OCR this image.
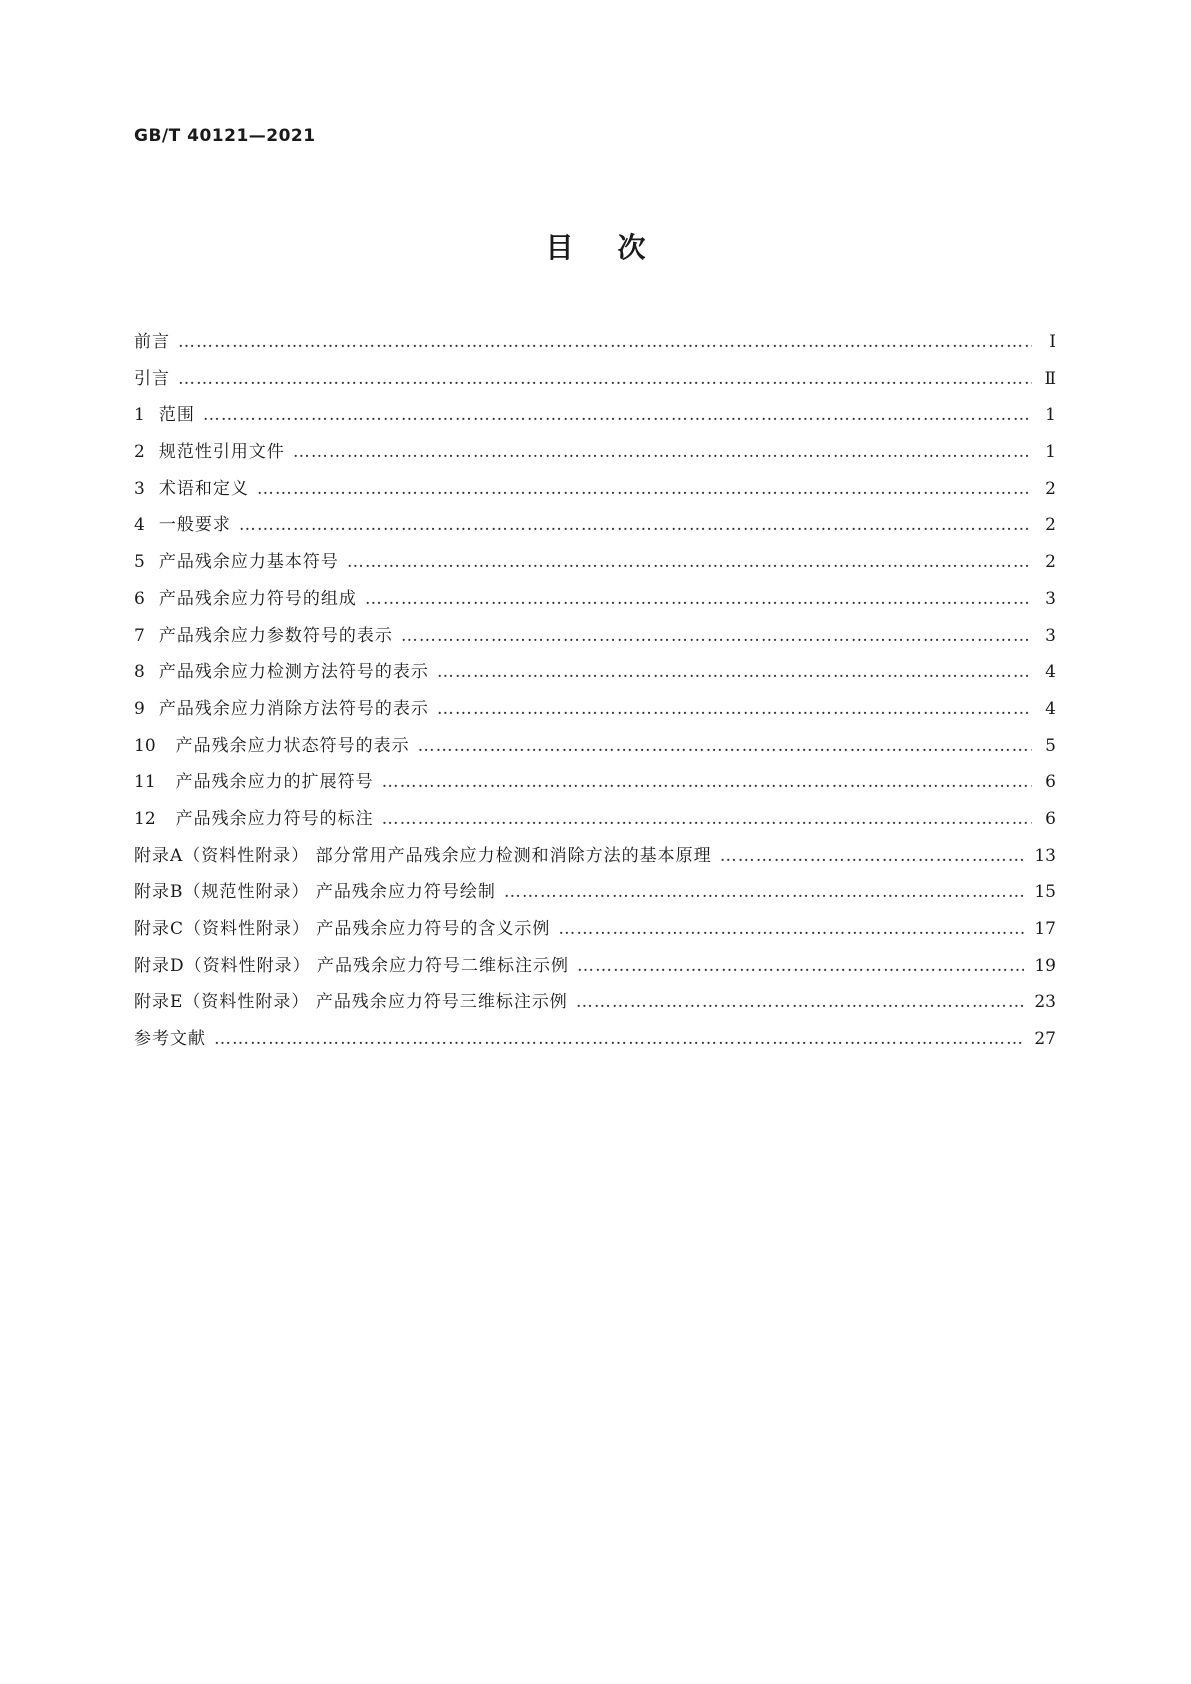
GB/T 40121—2021
目次
前言 …………………………………………………………………………………………………………………………………………………………………………………………………………	Ⅰ
引言 …………………………………………………………………………………………………………………………………………………………………………………………………………	Ⅱ
1 范围 …………………………………………………………………………………………………………………………………………………………………………………………………………	1
2 规范性引用文件 …………………………………………………………………………………………………………………………………………………………………………………………………………	1
3 术语和定义 …………………………………………………………………………………………………………………………………………………………………………………………………………	2
4 一般要求 …………………………………………………………………………………………………………………………………………………………………………………………………………	2
5 产品残余应力基本符号 …………………………………………………………………………………………………………………………………………………………………………………………………………	2
6 产品残余应力符号的组成 …………………………………………………………………………………………………………………………………………………………………………………………………………	3
7 产品残余应力参数符号的表示 …………………………………………………………………………………………………………………………………………………………………………………………………………	3
8 产品残余应力检测方法符号的表示 …………………………………………………………………………………………………………………………………………………………………………………………………………	4
9 产品残余应力消除方法符号的表示 …………………………………………………………………………………………………………………………………………………………………………………………………………	4
10	产品残余应力状态符号的表示 …………………………………………………………………………………………………………………………………………………………………………………………………………	5
11	产品残余应力的扩展符号 …………………………………………………………………………………………………………………………………………………………………………………………………………	6
12	产品残余应力符号的标注 …………………………………………………………………………………………………………………………………………………………………………………………………………	6
附录A（资料性附录） 部分常用产品残余应力检测和消除方法的基本原理 …………………………………………………………………………………………………………………………………………………………………………………………………………	13
附录B（规范性附录） 产品残余应力符号绘制 …………………………………………………………………………………………………………………………………………………………………………………………………………	15
附录C（资料性附录） 产品残余应力符号的含义示例 …………………………………………………………………………………………………………………………………………………………………………………………………………	17
附录D（资料性附录） 产品残余应力符号二维标注示例 …………………………………………………………………………………………………………………………………………………………………………………………………………	19
附录E（资料性附录） 产品残余应力符号三维标注示例 …………………………………………………………………………………………………………………………………………………………………………………………………………	23
参考文献 …………………………………………………………………………………………………………………………………………………………………………………………………………	27
